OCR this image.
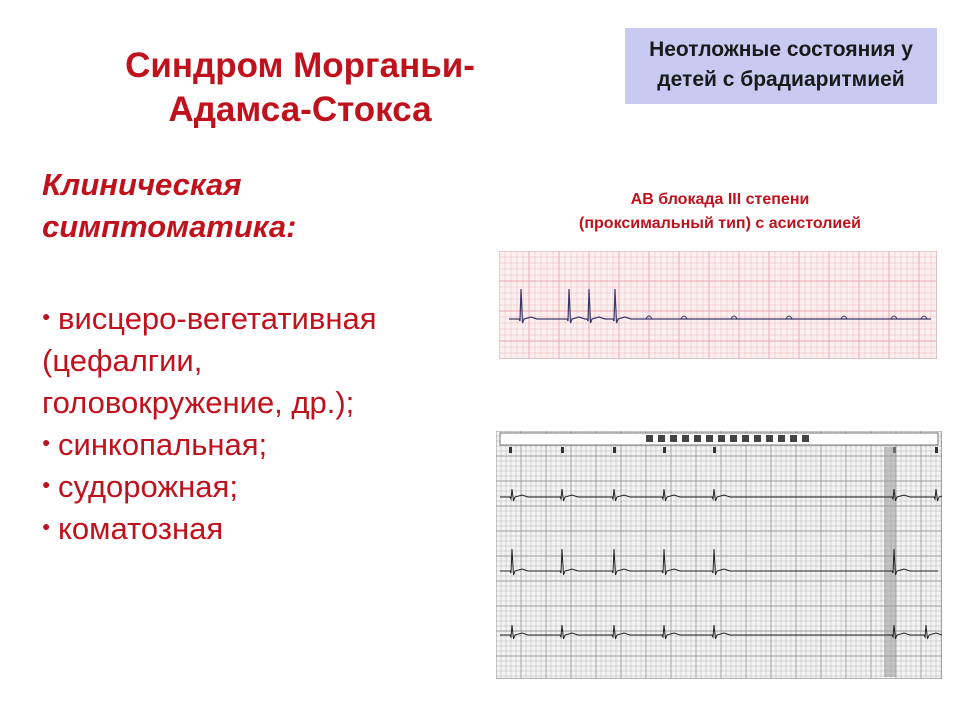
Синдром Морганьи-
Адамса-Стокса
Неотложные состояния у
детей с брадиаритмией
Клиническая
симптоматика:
● висцеро-вегетативная
(цефалгии,
головокружение, др.);
● синкопальная;
● судорожная;
● коматозная
АВ блокада III степени
(проксимальный тип) с асистолией
